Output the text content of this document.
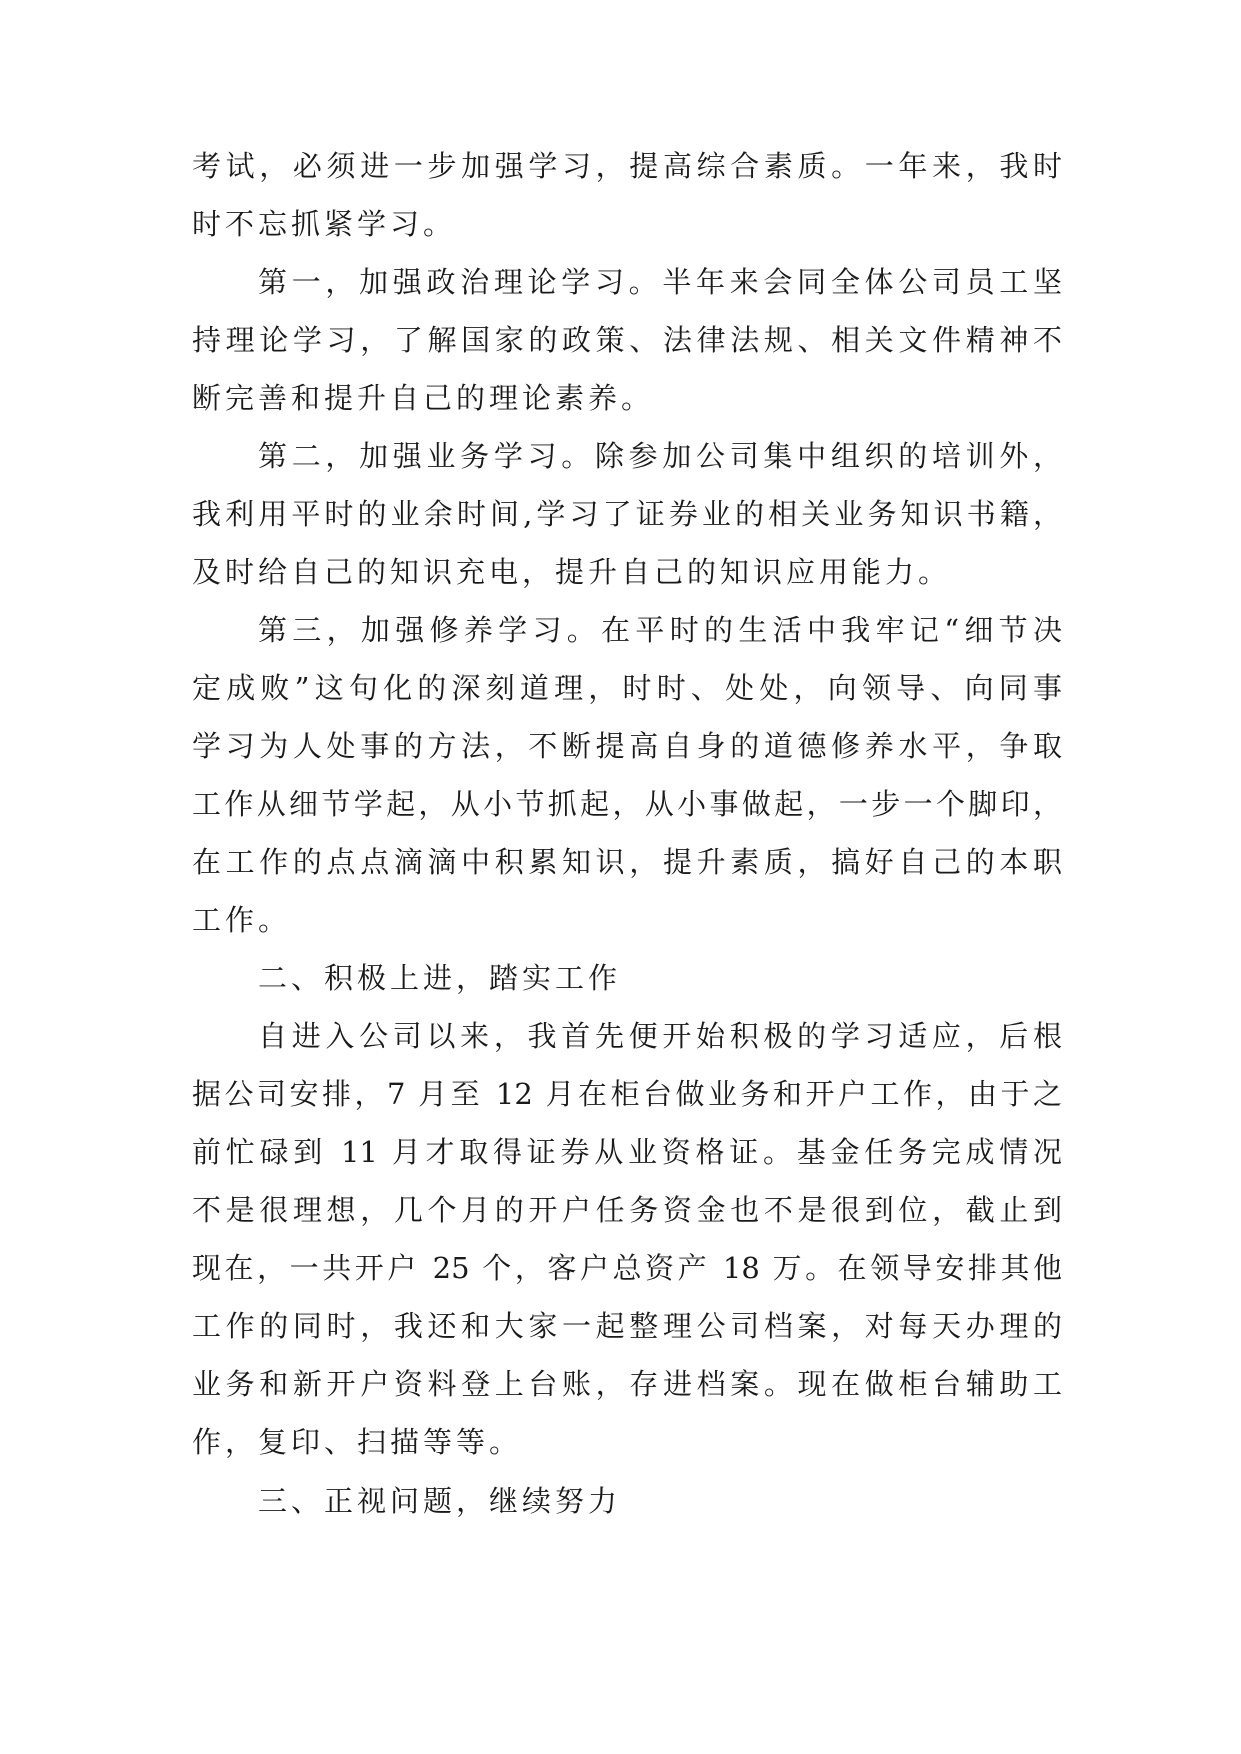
考试，必须进一步加强学习，提高综合素质。一年来，我时
时不忘抓紧学习。
第一，加强政治理论学习。半年来会同全体公司员工坚
持理论学习，了解国家的政策、法律法规、相关文件精神不
断完善和提升自己的理论素养。
第二，加强业务学习。除参加公司集中组织的培训外，
我利用平时的业余时间,学习了证券业的相关业务知识书籍，
及时给自己的知识充电，提升自己的知识应用能力。
第三，加强修养学习。在平时的生活中我牢记“细节决
定成败”这句化的深刻道理，时时、处处，向领导、向同事
学习为人处事的方法，不断提高自身的道德修养水平，争取
工作从细节学起，从小节抓起，从小事做起，一步一个脚印，
在工作的点点滴滴中积累知识，提升素质，搞好自己的本职
工作。
二、积极上进，踏实工作
自进入公司以来，我首先便开始积极的学习适应，后根
据公司安排，7 月至 12 月在柜台做业务和开户工作，由于之
前忙碌到 11 月才取得证券从业资格证。基金任务完成情况
不是很理想，几个月的开户任务资金也不是很到位，截止到
现在，一共开户 25 个，客户总资产 18 万。在领导安排其他
工作的同时，我还和大家一起整理公司档案，对每天办理的
业务和新开户资料登上台账，存进档案。现在做柜台辅助工
作，复印、扫描等等。
三、正视问题，继续努力
